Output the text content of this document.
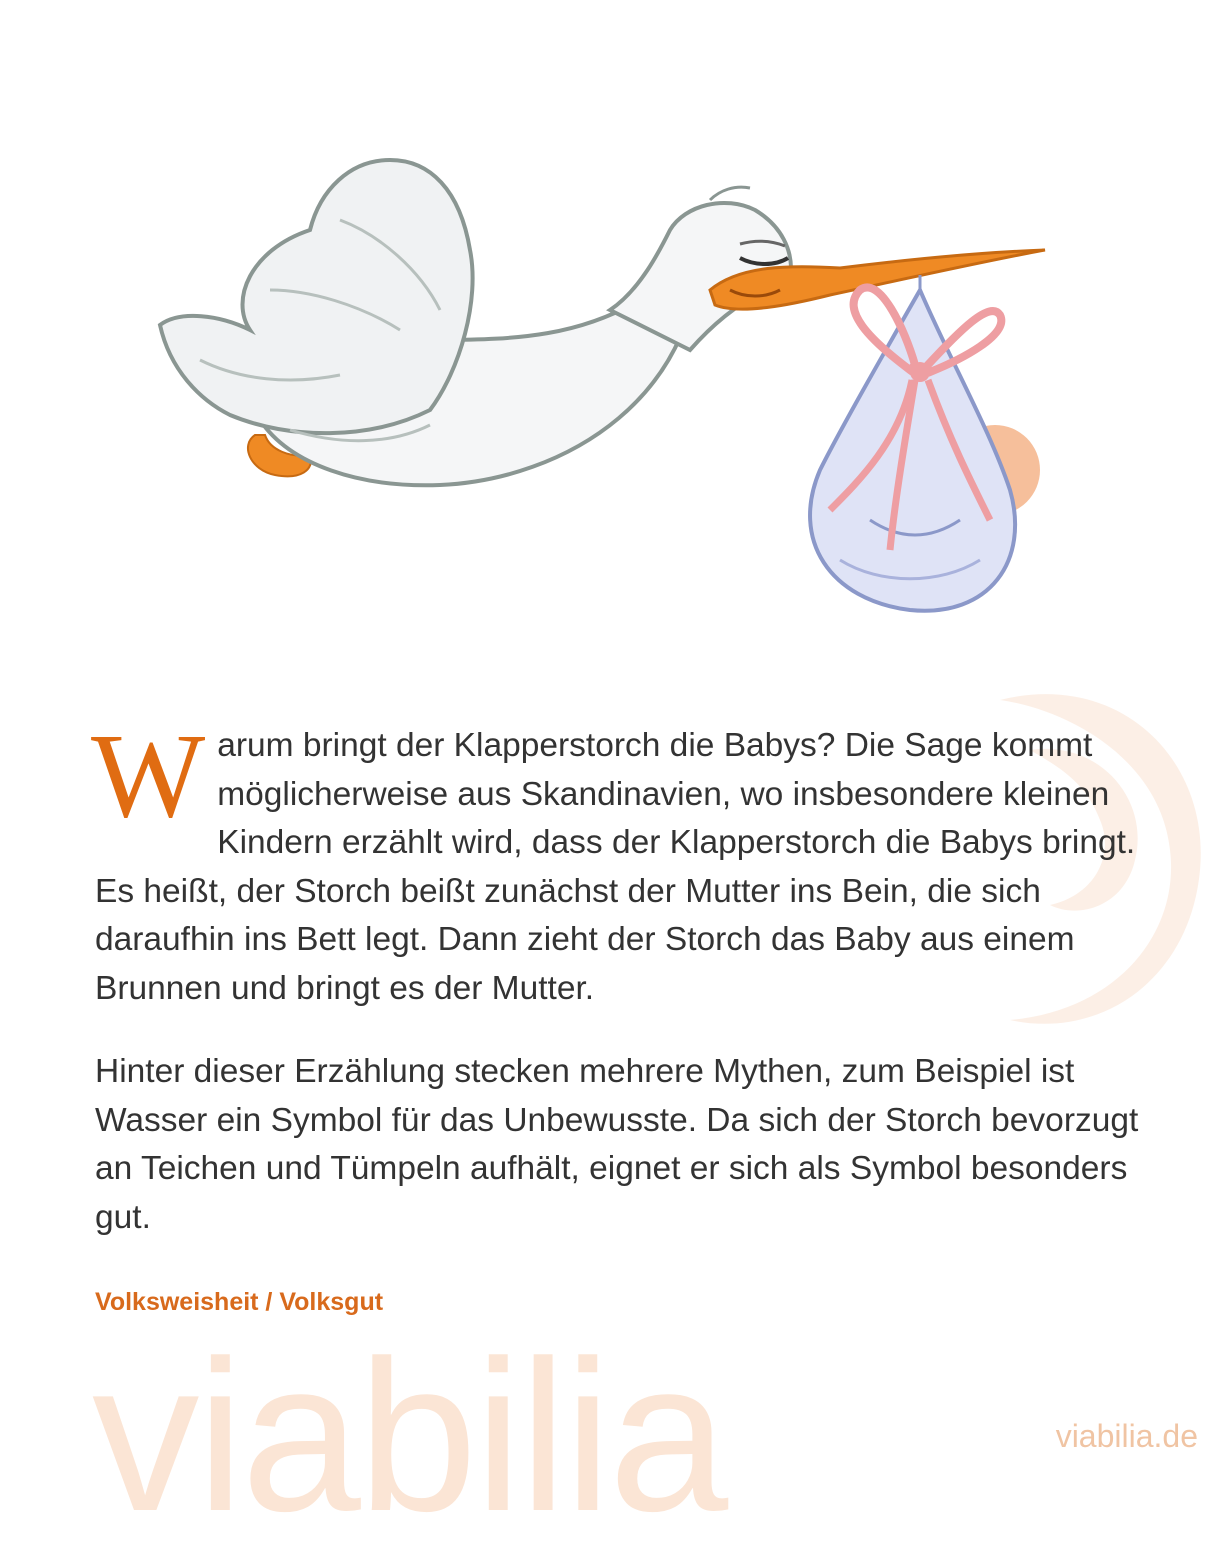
Warum bringt der Klapperstorch die Babys? Die Sage kommt möglicherweise aus Skandinavien, wo insbesondere kleinen Kindern erzählt wird, dass der Klapperstorch die Babys bringt. Es heißt, der Storch beißt zunächst der Mutter ins Bein, die sich daraufhin ins Bett legt. Dann zieht der Storch das Baby aus einem Brunnen und bringt es der Mutter.

Hinter dieser Erzählung stecken mehrere Mythen, zum Beispiel ist Wasser ein Symbol für das Unbewusste. Da sich der Storch bevorzugt an Teichen und Tümpeln aufhält, eignet er sich als Symbol besonders gut.

Volksweisheit / Volksgut
viabilia	viabilia.de
